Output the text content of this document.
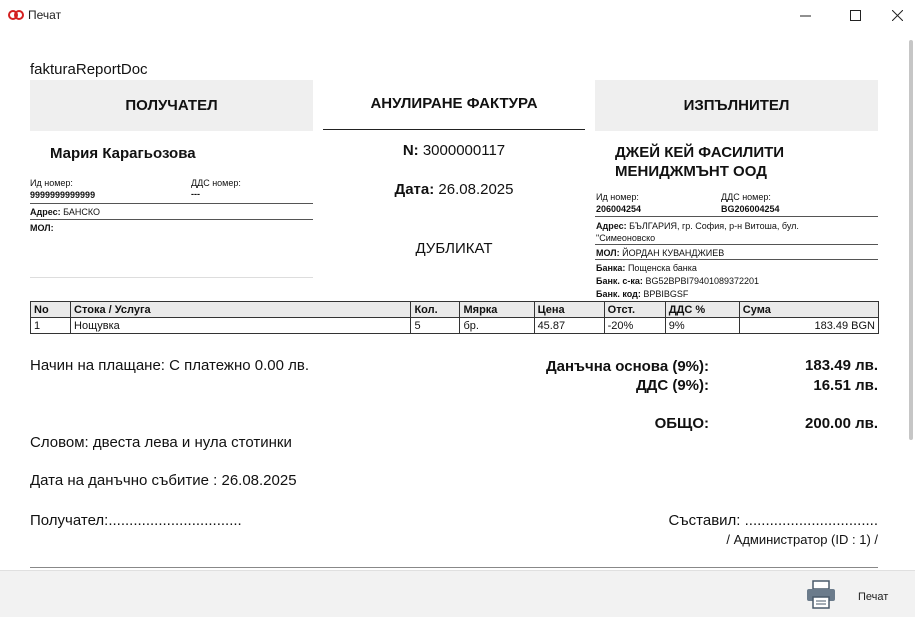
Печат
fakturaReportDoc
ПОЛУЧАТЕЛ	АНУЛИРАНЕ ФАКТУРА	ИЗПЪЛНИТЕЛ
Мария Карагьозова
Ид номер:
9999999999999
ДДС номер:
---
Адрес: БАНСКО
МОЛ:
N: 3000000117
Дата: 26.08.2025
ДУБЛИКАТ
ДЖЕЙ КЕЙ ФАСИЛИТИ
МЕНИДЖМЪНТ ООД
Ид номер:
206004254
ДДС номер:
BG206004254
Адрес: БЪЛГАРИЯ, гр. София, р-н Витоша, бул.
"Симеоновско
МОЛ: ЙОРДАН КУВАНДЖИЕВ
Банка: Пощенска банка
Банк. с-ка: BG52BPBI79401089372201
Банк. код: BPBIBGSF
No	Стока / Услуга	Кол.	Мярка	Цена	Отст.	ДДС %	Сума
1	Нощувка	5	бр.	45.87	-20%	9%	183.49 BGN
Начин на плащане: С платежно 0.00 лв.	Данъчна основа (9%):	183.49 лв.
ДДС (9%):	16.51 лв.
ОБЩО:	200.00 лв.
Словом: двеста лева и нула стотинки
Дата на данъчно събитие : 26.08.2025
Получател:................................	Съставил: ................................
/ Администратор (ID : 1) /
Печат
